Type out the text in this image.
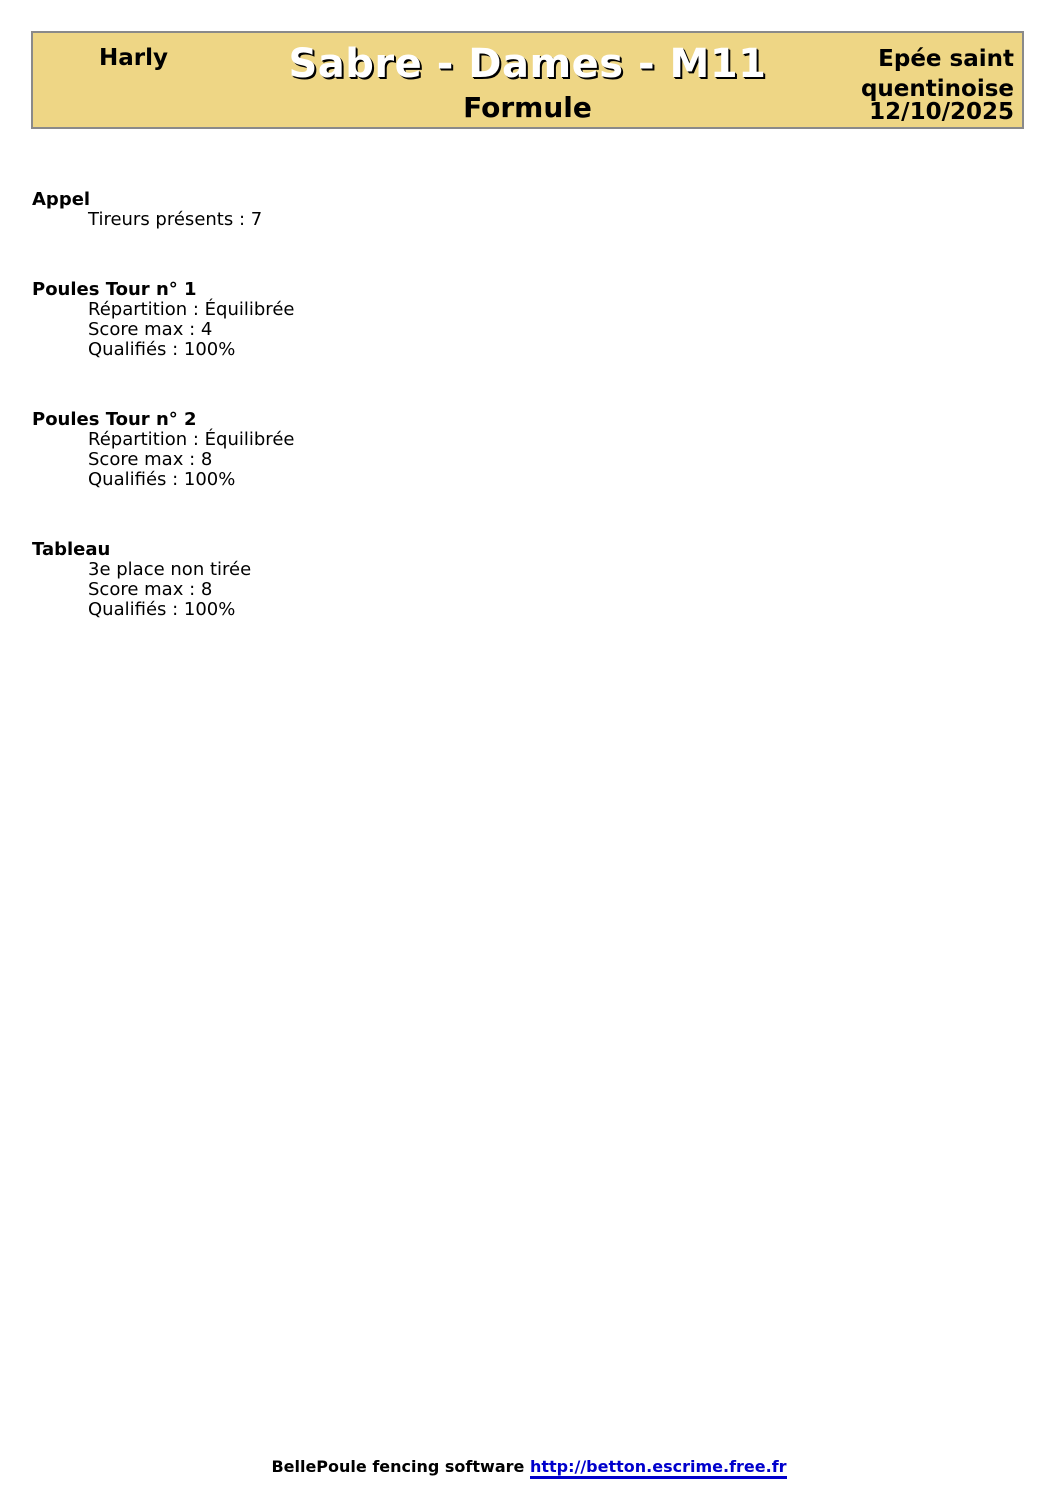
Harly	Sabre - Dames - M11
Formule
Epée saint quentinoise
12/10/2025
Appel
Tireurs présents : 7
Poules Tour n° 1
Répartition : Équilibrée
Score max : 4
Qualifiés : 100%
Poules Tour n° 2
Répartition : Équilibrée
Score max : 8
Qualifiés : 100%
Tableau
3e place non tirée
Score max : 8
Qualifiés : 100%
BellePoule fencing software http://betton.escrime.free.fr
